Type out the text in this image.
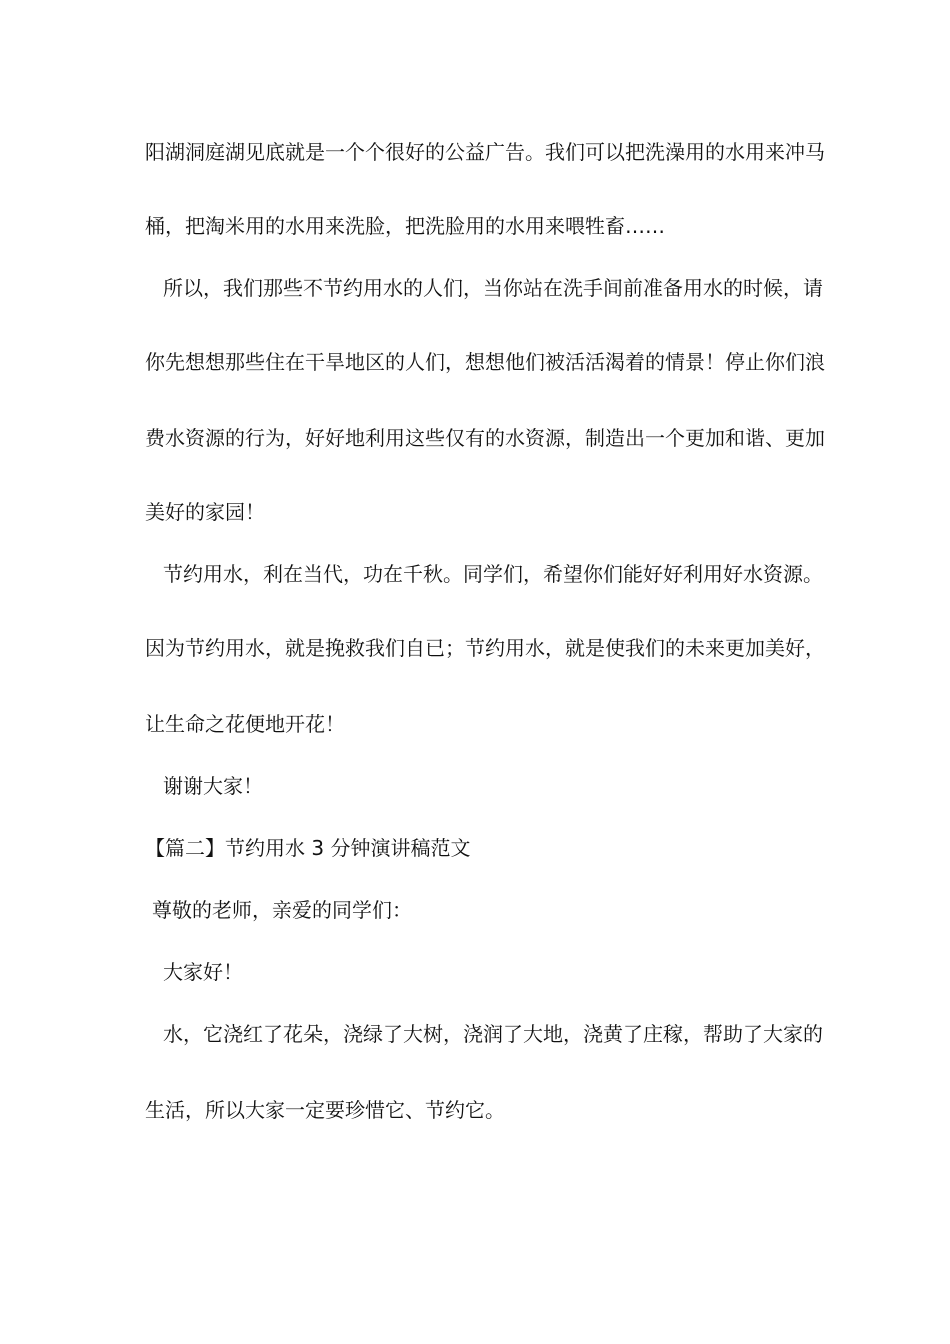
阳湖洞庭湖见底就是一个个很好的公益广告。我们可以把洗澡用的水用来冲马
桶，把淘米用的水用来洗脸，把洗脸用的水用来喂牲畜……
所以，我们那些不节约用水的人们，当你站在洗手间前准备用水的时候，请
你先想想那些住在干旱地区的人们，想想他们被活活渴着的情景！停止你们浪
费水资源的行为，好好地利用这些仅有的水资源，制造出一个更加和谐、更加
美好的家园！
节约用水，利在当代，功在千秋。同学们，希望你们能好好利用好水资源。
因为节约用水，就是挽救我们自已；节约用水，就是使我们的未来更加美好，
让生命之花便地开花！
谢谢大家！
【篇二】节约用水 3 分钟演讲稿范文
尊敬的老师，亲爱的同学们：
大家好！
水，它浇红了花朵，浇绿了大树，浇润了大地，浇黄了庄稼，帮助了大家的
生活，所以大家一定要珍惜它、节约它。
